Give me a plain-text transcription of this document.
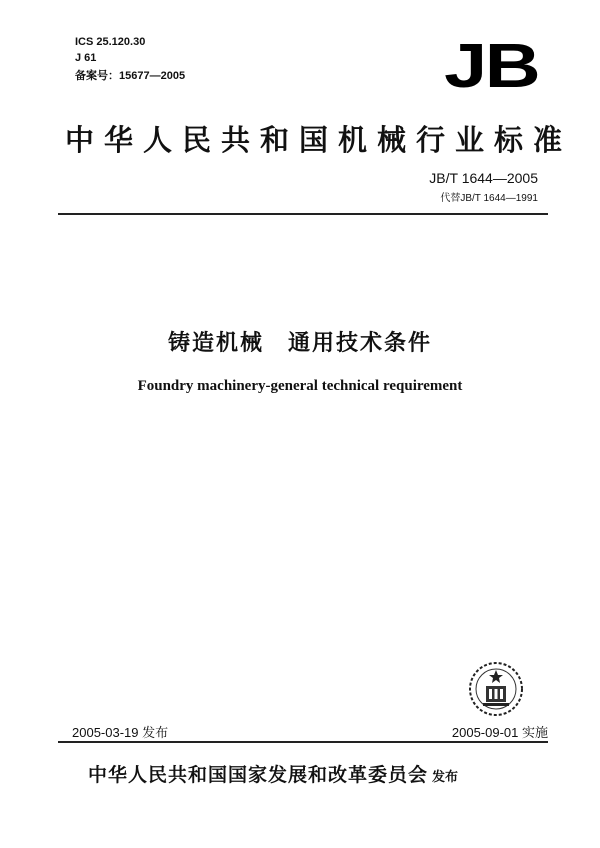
ICS 25.120.30
J 61
备案号：15677—2005	JB
中华人民共和国机械行业标准
JB/T 1644—2005
代替JB/T 1644—1991
铸造机械　通用技术条件
Foundry machinery-general technical requirement
2005-03-19 发布	2005-09-01 实施
中华人民共和国国家发展和改革委员会 发布
